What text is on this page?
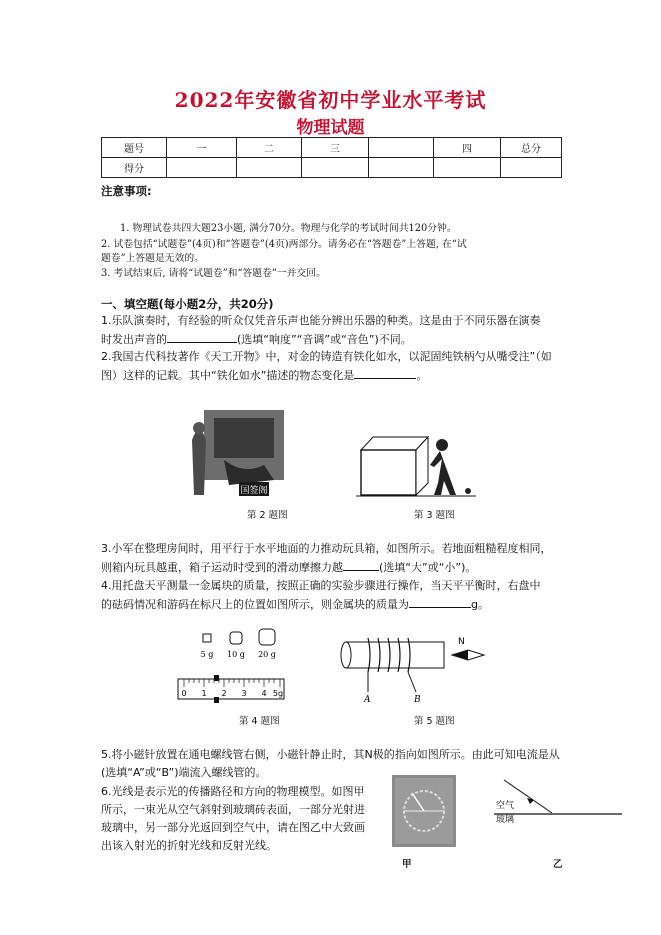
2022年安徽省初中学业水平考试
物理试题
题号	一	二	三		四	总分
得分						
注意事项:
1. 物理试卷共四大题23小题, 满分70分。物理与化学的考试时间共120分钟。
2. 试卷包括“试题卷”(4页)和“答题卷”(4页)两部分。请务必在“答题卷”上答题, 在“试
题卷”上答题是无效的。
3. 考试结束后, 请将“试题卷”和“答题卷”一并交回。
一、填空题(每小题2分，共20分)
1.乐队演奏时，有经验的听众仅凭音乐声也能分辨出乐器的种类。这是由于不同乐器在演奏
时发出声音的	(选填“响度”“音调”或“音色”)不同。
2.我国古代科技著作《天工开物》中，对金的铸造有铁化如水，以泥固纯铁柄勺从嘴受注”（如
图）这样的记载。其中“铁化如水”描述的物态变化是	。
国签阁
第 2 题图	第 3 题图
3.小军在整理房间时，用平行于水平地面的力推动玩具箱，如图所示。若地面粗糙程度相同，
则箱内玩具越重，箱子运动时受到的滑动摩擦力越	(选填“大”或“小”)。
4.用托盘天平测量一金属块的质量，按照正确的实验步骤进行操作，当天平平衡时，右盘中
的砝码情况和游码在标尺上的位置如图所示，则金属块的质量为	g。
5 g 10 g 20 g
0 1 2 3 4 5g
A	B
N
第 4 题图	第 5 题图
5.将小磁针放置在通电螺线管右侧，小磁针静止时，其N极的指向如图所示。由此可知电流是从
(选填“A”或“B”)端流入螺线管的。
6.光线是表示光的传播路径和方向的物理模型。如图甲
所示，一束光从空气斜射到玻璃砖表面，一部分光射进
玻璃中，另一部分光返回到空气中，请在图乙中大致画
出该入射光的折射光线和反射光线。
空气
玻璃
甲	乙
